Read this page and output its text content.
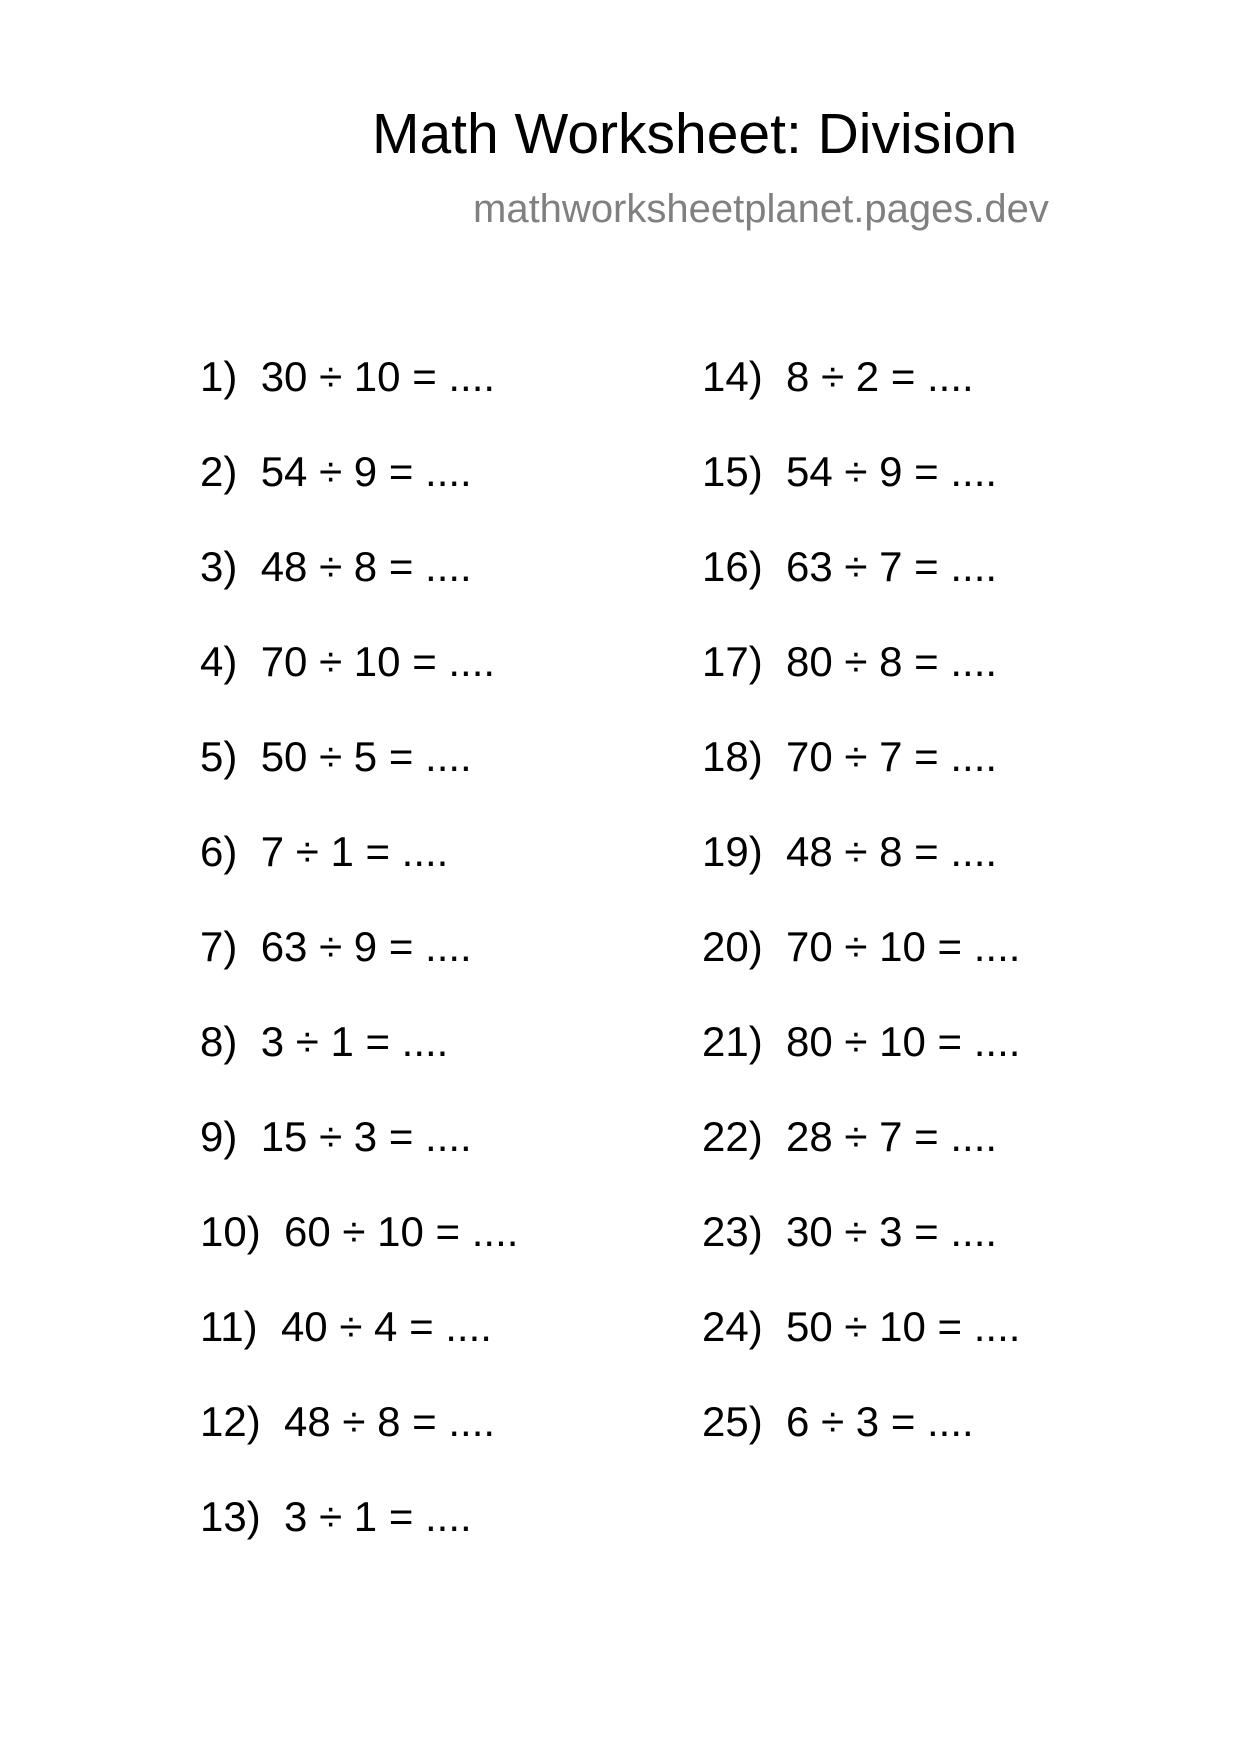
Math Worksheet: Division
mathworksheetplanet.pages.dev
1) 30 ÷ 10 = ....
2) 54 ÷ 9 = ....
3) 48 ÷ 8 = ....
4) 70 ÷ 10 = ....
5) 50 ÷ 5 = ....
6) 7 ÷ 1 = ....
7) 63 ÷ 9 = ....
8) 3 ÷ 1 = ....
9) 15 ÷ 3 = ....
10) 60 ÷ 10 = ....
11) 40 ÷ 4 = ....
12) 48 ÷ 8 = ....
13) 3 ÷ 1 = ....
14) 8 ÷ 2 = ....
15) 54 ÷ 9 = ....
16) 63 ÷ 7 = ....
17) 80 ÷ 8 = ....
18) 70 ÷ 7 = ....
19) 48 ÷ 8 = ....
20) 70 ÷ 10 = ....
21) 80 ÷ 10 = ....
22) 28 ÷ 7 = ....
23) 30 ÷ 3 = ....
24) 50 ÷ 10 = ....
25) 6 ÷ 3 = ....
